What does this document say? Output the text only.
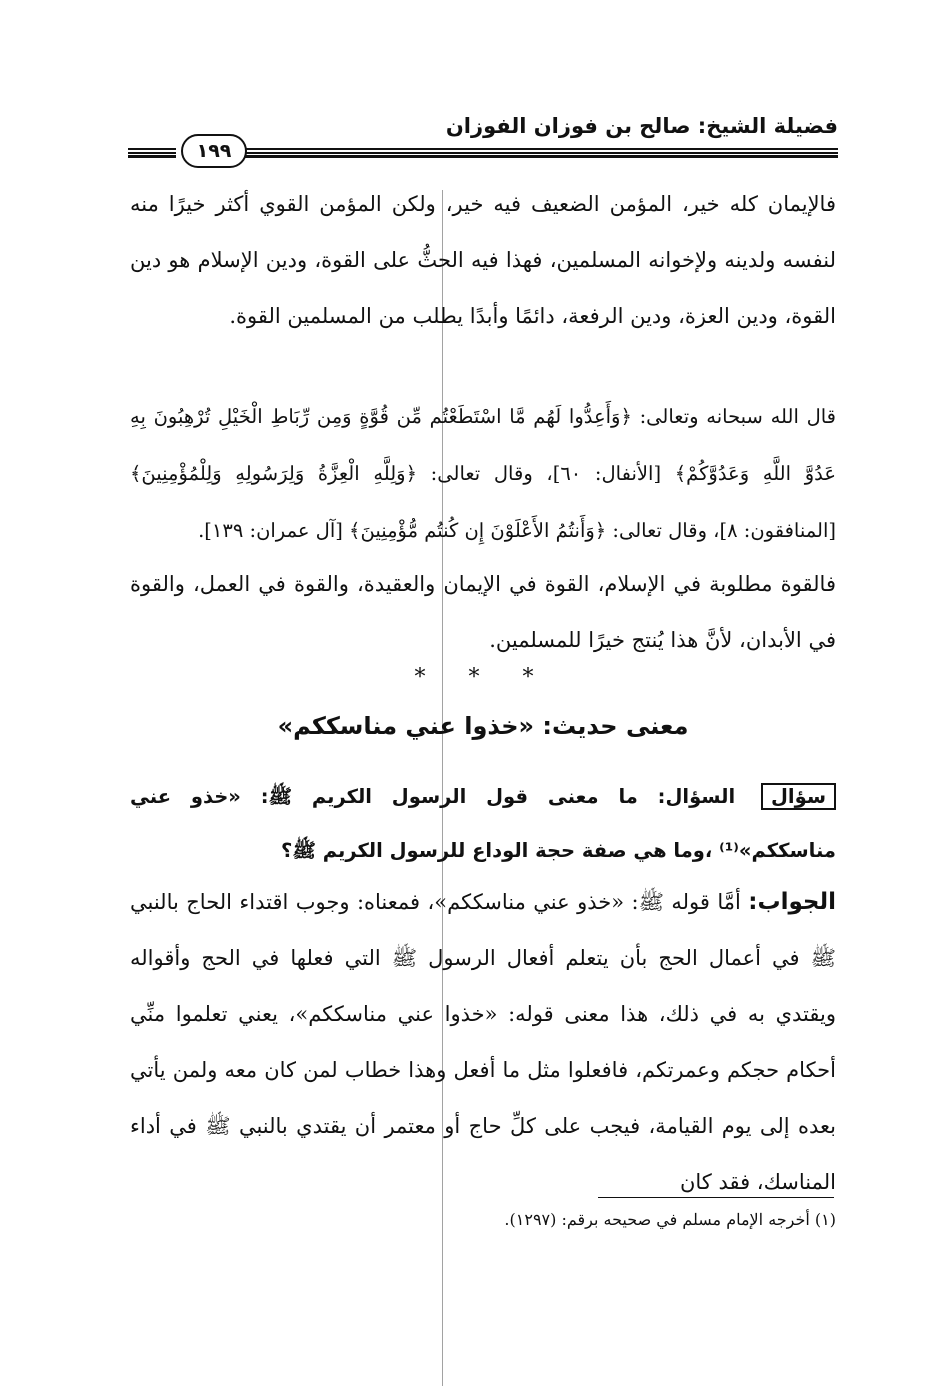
فضيلة الشيخ: صالح بن فوزان الفوزان
١٩٩

فالإيمان كله خير، المؤمن الضعيف فيه خير، ولكن المؤمن القوي أكثر خيرًا منه لنفسه ولدينه ولإخوانه المسلمين، فهذا فيه الحثُّ على القوة، ودين الإسلام هو دين القوة، ودين العزة، ودين الرفعة، دائمًا وأبدًا يطلب من المسلمين القوة.

قال الله سبحانه وتعالى: ﴿وَأَعِدُّوا لَهُم مَّا اسْتَطَعْتُم مِّن قُوَّةٍ وَمِن رِّبَاطِ الْخَيْلِ تُرْهِبُونَ بِهِ عَدُوَّ اللَّهِ وَعَدُوَّكُمْ﴾ [الأنفال: ٦٠]، وقال تعالى: ﴿وَلِلَّهِ الْعِزَّةُ وَلِرَسُولِهِ وَلِلْمُؤْمِنِينَ﴾ [المنافقون: ٨]، وقال تعالى: ﴿وَأَنتُمُ الأَعْلَوْنَ إِن كُنتُم مُّؤْمِنِينَ﴾ [آل عمران: ١٣٩].

فالقوة مطلوبة في الإسلام، القوة في الإيمان والعقيدة، والقوة في العمل، والقوة في الأبدان، لأنَّ هذا يُنتج خيرًا للمسلمين.

* * *
معنى حديث: «خذوا عني مناسككم»
سؤال السؤال: ما معنى قول الرسول الكريم ﷺ: «خذو عني مناسككم»⁽¹⁾ ،وما هي صفة حجة الوداع للرسول الكريم ﷺ؟

الجواب: أمَّا قوله ﷺ: «خذو عني مناسككم»، فمعناه: وجوب اقتداء الحاج بالنبي ﷺ في أعمال الحج بأن يتعلم أفعال الرسول ﷺ التي فعلها في الحج وأقواله ويقتدي به في ذلك، هذا معنى قوله: «خذوا عني مناسككم»، يعني تعلموا منِّي أحكام حجكم وعمرتكم، فافعلوا مثل ما أفعل وهذا خطاب لمن كان معه ولمن يأتي بعده إلى يوم القيامة، فيجب على كلِّ حاج أو معتمر أن يقتدي بالنبي ﷺ في أداء المناسك، فقد كان

(١) أخرجه الإمام مسلم في صحيحه برقم: (١٢٩٧).
